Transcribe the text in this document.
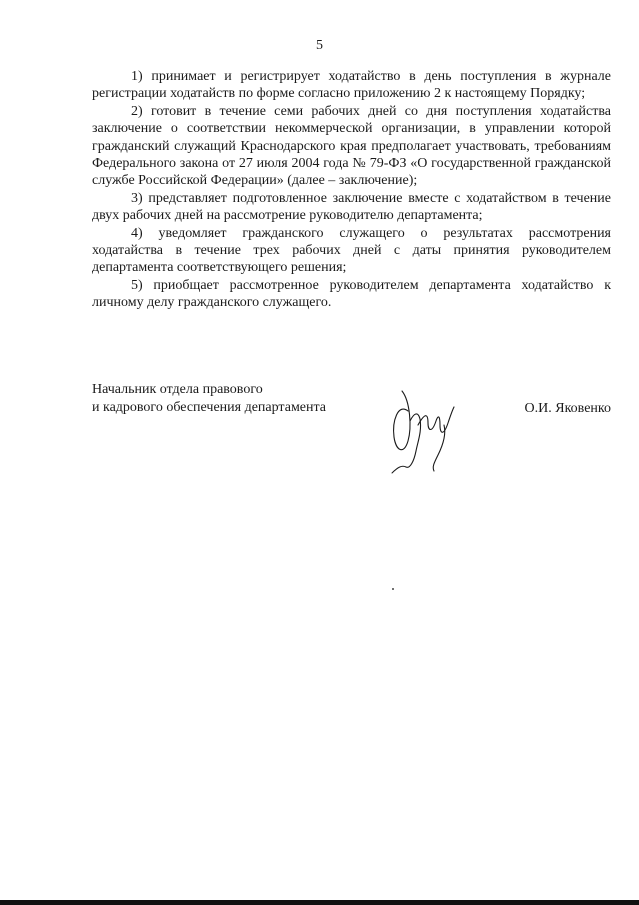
5

1) принимает и регистрирует ходатайство в день поступления в журнале регистрации ходатайств по форме согласно приложению 2 к настоящему Порядку;

2) готовит в течение семи рабочих дней со дня поступления ходатайства заключение о соответствии некоммерческой организации, в управлении которой гражданский служащий Краснодарского края предполагает участвовать, требованиям Федерального закона от 27 июля 2004 года № 79-ФЗ «О государственной гражданской службе Российской Федерации» (далее – заключение);

3) представляет подготовленное заключение вместе с ходатайством в течение двух рабочих дней на рассмотрение руководителю департамента;

4) уведомляет гражданского служащего о результатах рассмотрения ходатайства в течение трех рабочих дней с даты принятия руководителем департамента соответствующего решения;

5) приобщает рассмотренное руководителем департамента ходатайство к личному делу гражданского служащего.

Начальник отдела правового
и кадрового обеспечения департамента	О.И. Яковенко
